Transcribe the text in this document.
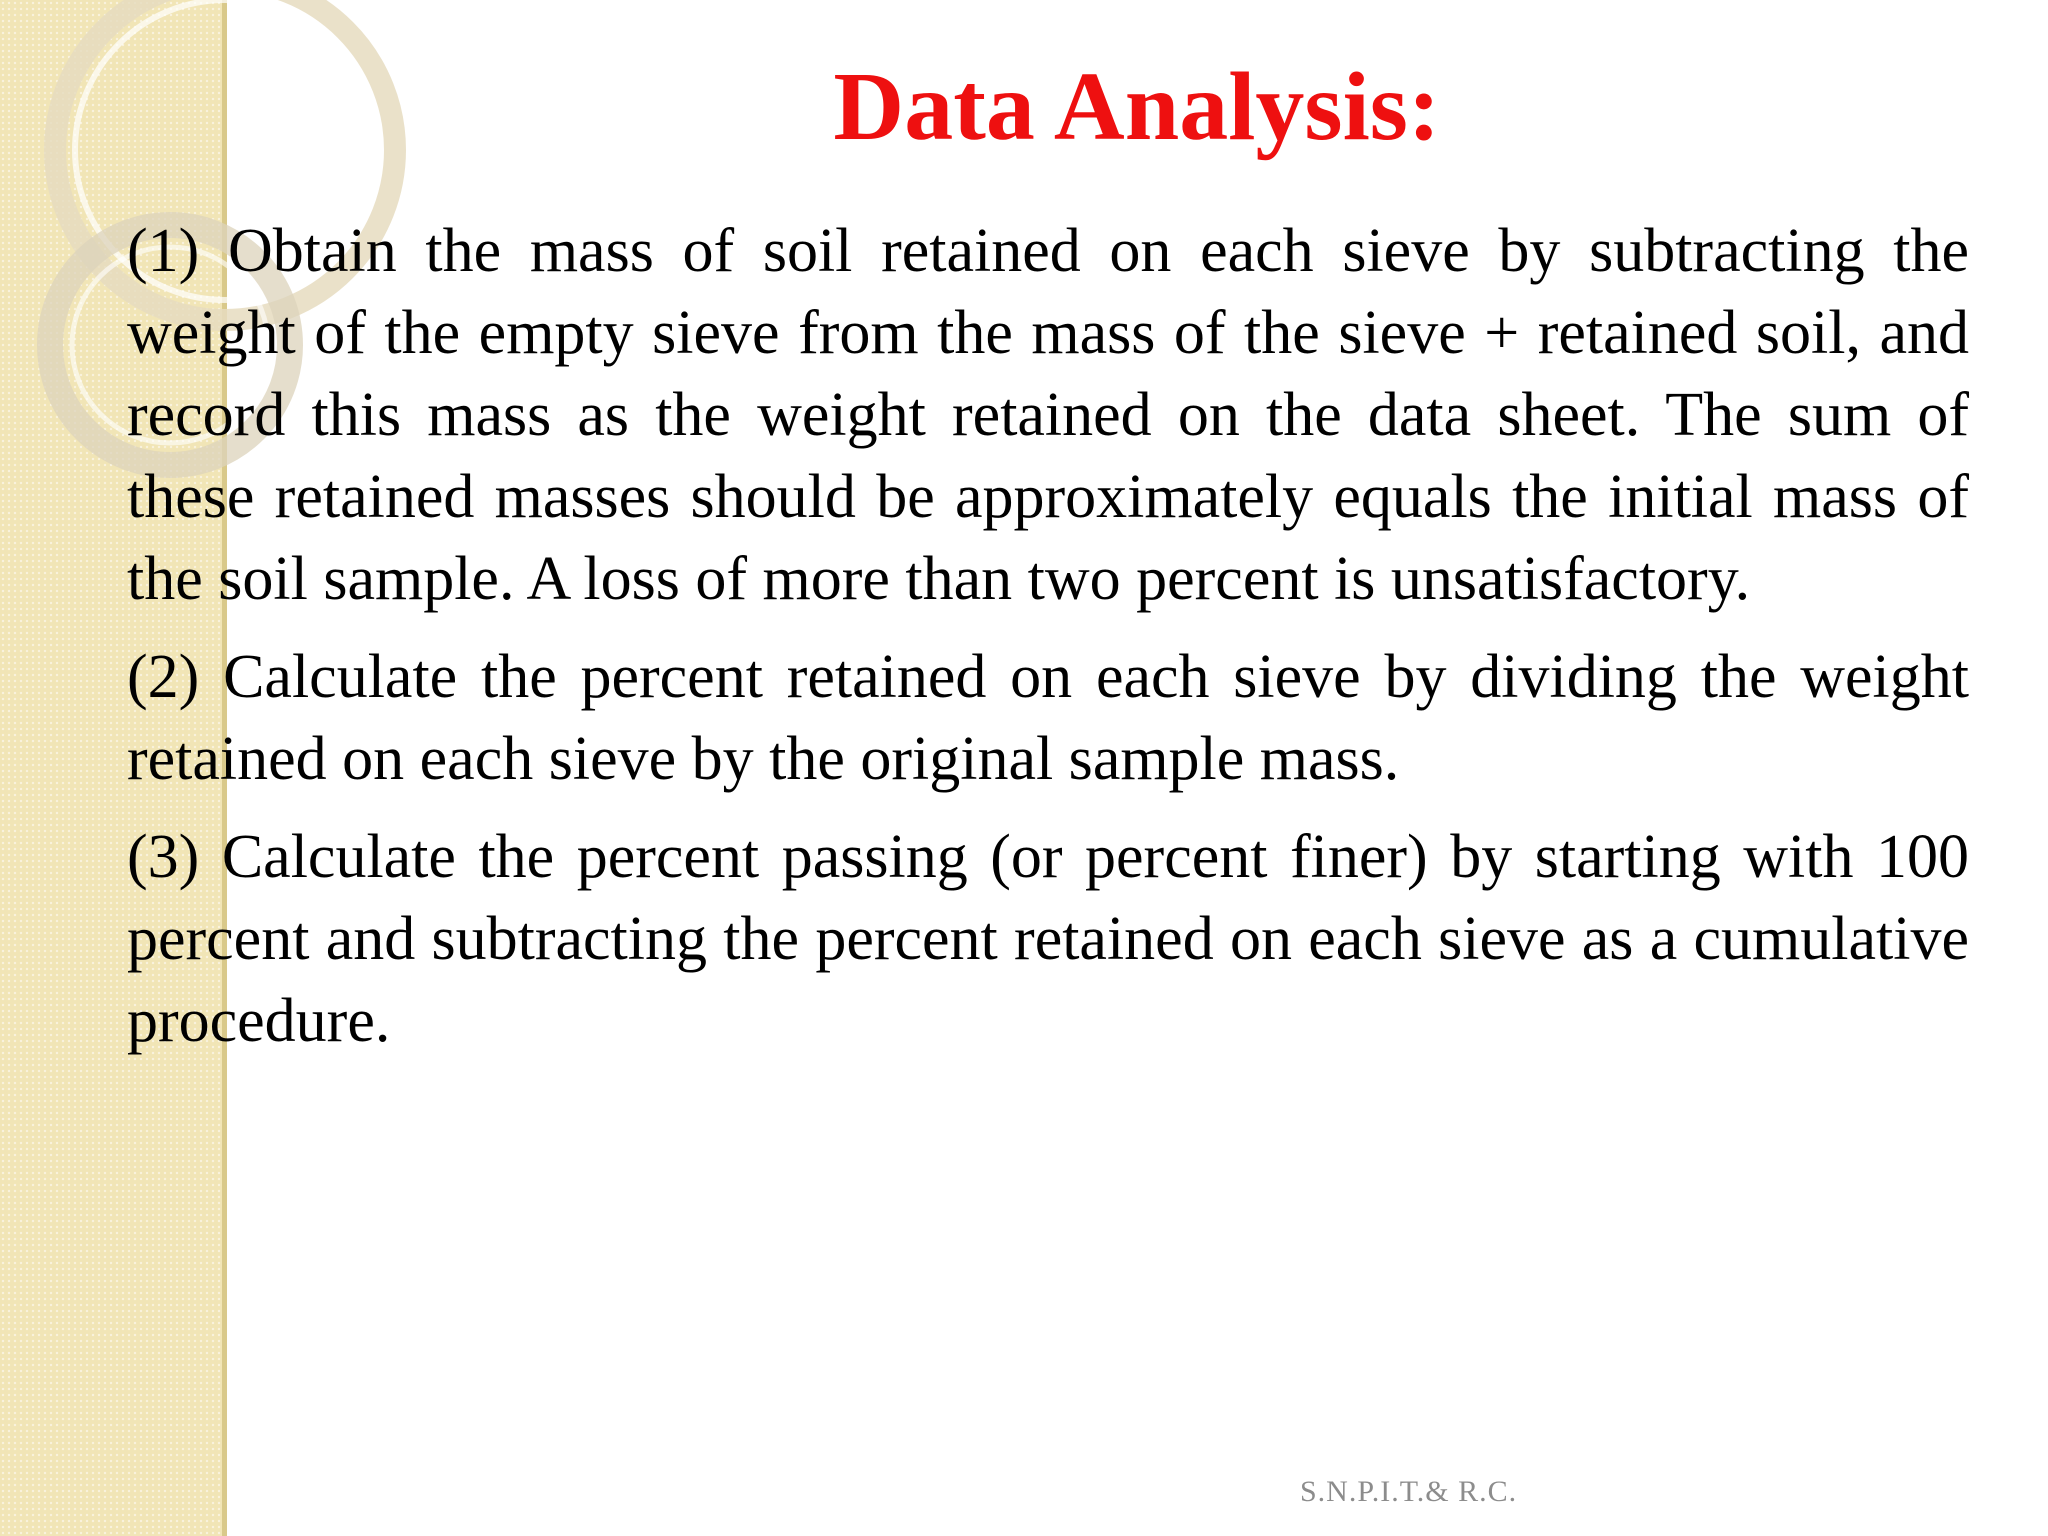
Data Analysis:

(1) Obtain the mass of soil retained on each sieve by subtracting the weight of the empty sieve from the mass of the sieve + retained soil, and record this mass as the weight retained on the data sheet. The sum of these retained masses should be approximately equals the initial mass of the soil sample. A loss of more than two percent is unsatisfactory.

(2) Calculate the percent retained on each sieve by dividing the weight retained on each sieve by the original sample mass.

(3) Calculate the percent passing (or percent finer) by starting with 100 percent and subtracting the percent retained on each sieve as a cumulative procedure.

S.N.P.I.T.& R.C.
